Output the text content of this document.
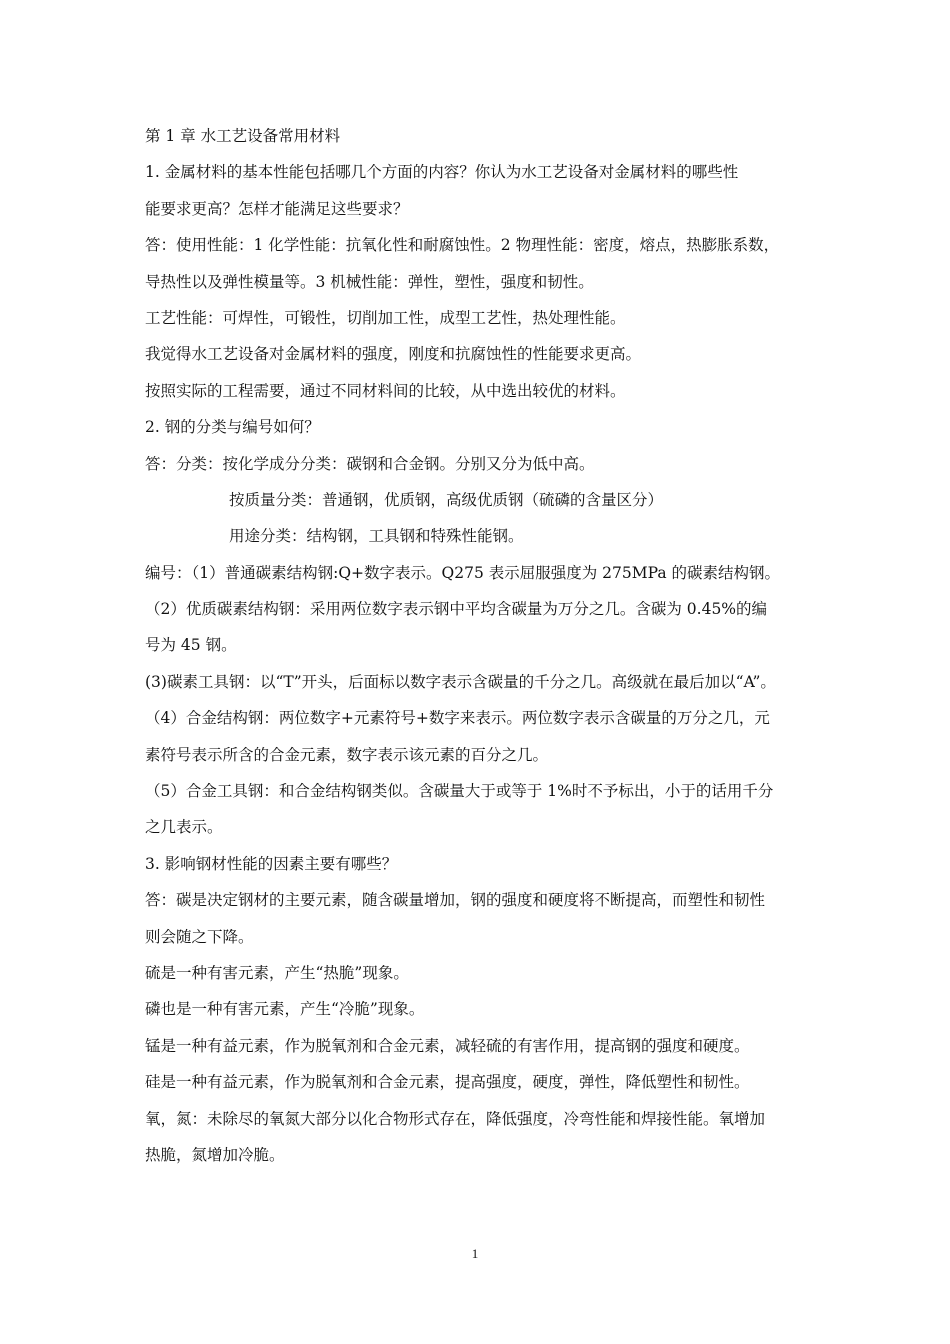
第 1 章 水工艺设备常用材料
1. 金属材料的基本性能包括哪几个方面的内容？你认为水工艺设备对金属材料的哪些性
能要求更高？怎样才能满足这些要求？
答：使用性能：1 化学性能：抗氧化性和耐腐蚀性。2 物理性能：密度，熔点，热膨胀系数，
导热性以及弹性模量等。3 机械性能：弹性，塑性，强度和韧性。
工艺性能：可焊性，可锻性，切削加工性，成型工艺性，热处理性能。
我觉得水工艺设备对金属材料的强度，刚度和抗腐蚀性的性能要求更高。
按照实际的工程需要，通过不同材料间的比较，从中选出较优的材料。
2. 钢的分类与编号如何？
答：分类：按化学成分分类：碳钢和合金钢。分别又分为低中高。
按质量分类：普通钢，优质钢，高级优质钢（硫磷的含量区分）
用途分类：结构钢，工具钢和特殊性能钢。
编号：（1）普通碳素结构钢:Q+数字表示。Q275 表示屈服强度为 275MPa 的碳素结构钢。
（2）优质碳素结构钢：采用两位数字表示钢中平均含碳量为万分之几。含碳为 0.45%的编
号为 45 钢。
(3)碳素工具钢：以“T”开头，后面标以数字表示含碳量的千分之几。高级就在最后加以“A”。
（4）合金结构钢：两位数字+元素符号+数字来表示。两位数字表示含碳量的万分之几，元
素符号表示所含的合金元素，数字表示该元素的百分之几。
（5）合金工具钢：和合金结构钢类似。含碳量大于或等于 1%时不予标出，小于的话用千分
之几表示。
3. 影响钢材性能的因素主要有哪些？
答：碳是决定钢材的主要元素，随含碳量增加，钢的强度和硬度将不断提高，而塑性和韧性
则会随之下降。
硫是一种有害元素，产生“热脆”现象。
磷也是一种有害元素，产生“冷脆”现象。
锰是一种有益元素，作为脱氧剂和合金元素，减轻硫的有害作用，提高钢的强度和硬度。
硅是一种有益元素，作为脱氧剂和合金元素，提高强度，硬度，弹性，降低塑性和韧性。
氧，氮：未除尽的氧氮大部分以化合物形式存在，降低强度，冷弯性能和焊接性能。氧增加
热脆，氮增加冷脆。
1
